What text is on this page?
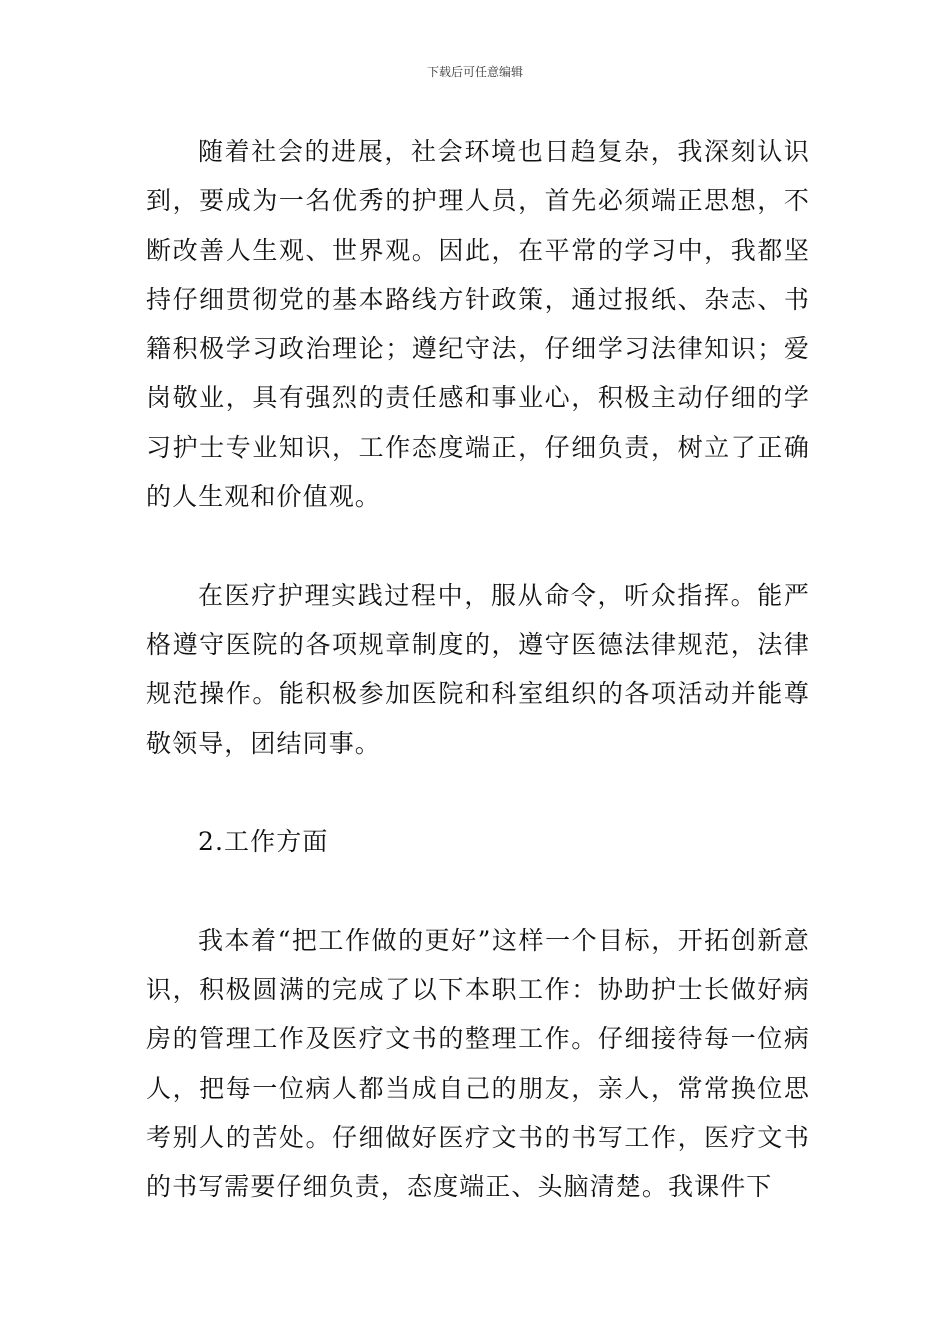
下载后可任意编辑

随着社会的进展，社会环境也日趋复杂，我深刻认识到，要成为一名优秀的护理人员，首先必须端正思想，不断改善人生观、世界观。因此，在平常的学习中，我都坚持仔细贯彻党的基本路线方针政策，通过报纸、杂志、书籍积极学习政治理论；遵纪守法，仔细学习法律知识；爱岗敬业，具有强烈的责任感和事业心，积极主动仔细的学习护士专业知识，工作态度端正，仔细负责，树立了正确的人生观和价值观。

在医疗护理实践过程中，服从命令，听众指挥。能严格遵守医院的各项规章制度的，遵守医德法律规范，法律规范操作。能积极参加医院和科室组织的各项活动并能尊敬领导，团结同事。

2.工作方面

我本着“把工作做的更好”这样一个目标，开拓创新意识，积极圆满的完成了以下本职工作：协助护士长做好病房的管理工作及医疗文书的整理工作。仔细接待每一位病人，把每一位病人都当成自己的朋友，亲人，常常换位思考别人的苦处。仔细做好医疗文书的书写工作，医疗文书的书写需要仔细负责，态度端正、头脑清楚。我课件下
